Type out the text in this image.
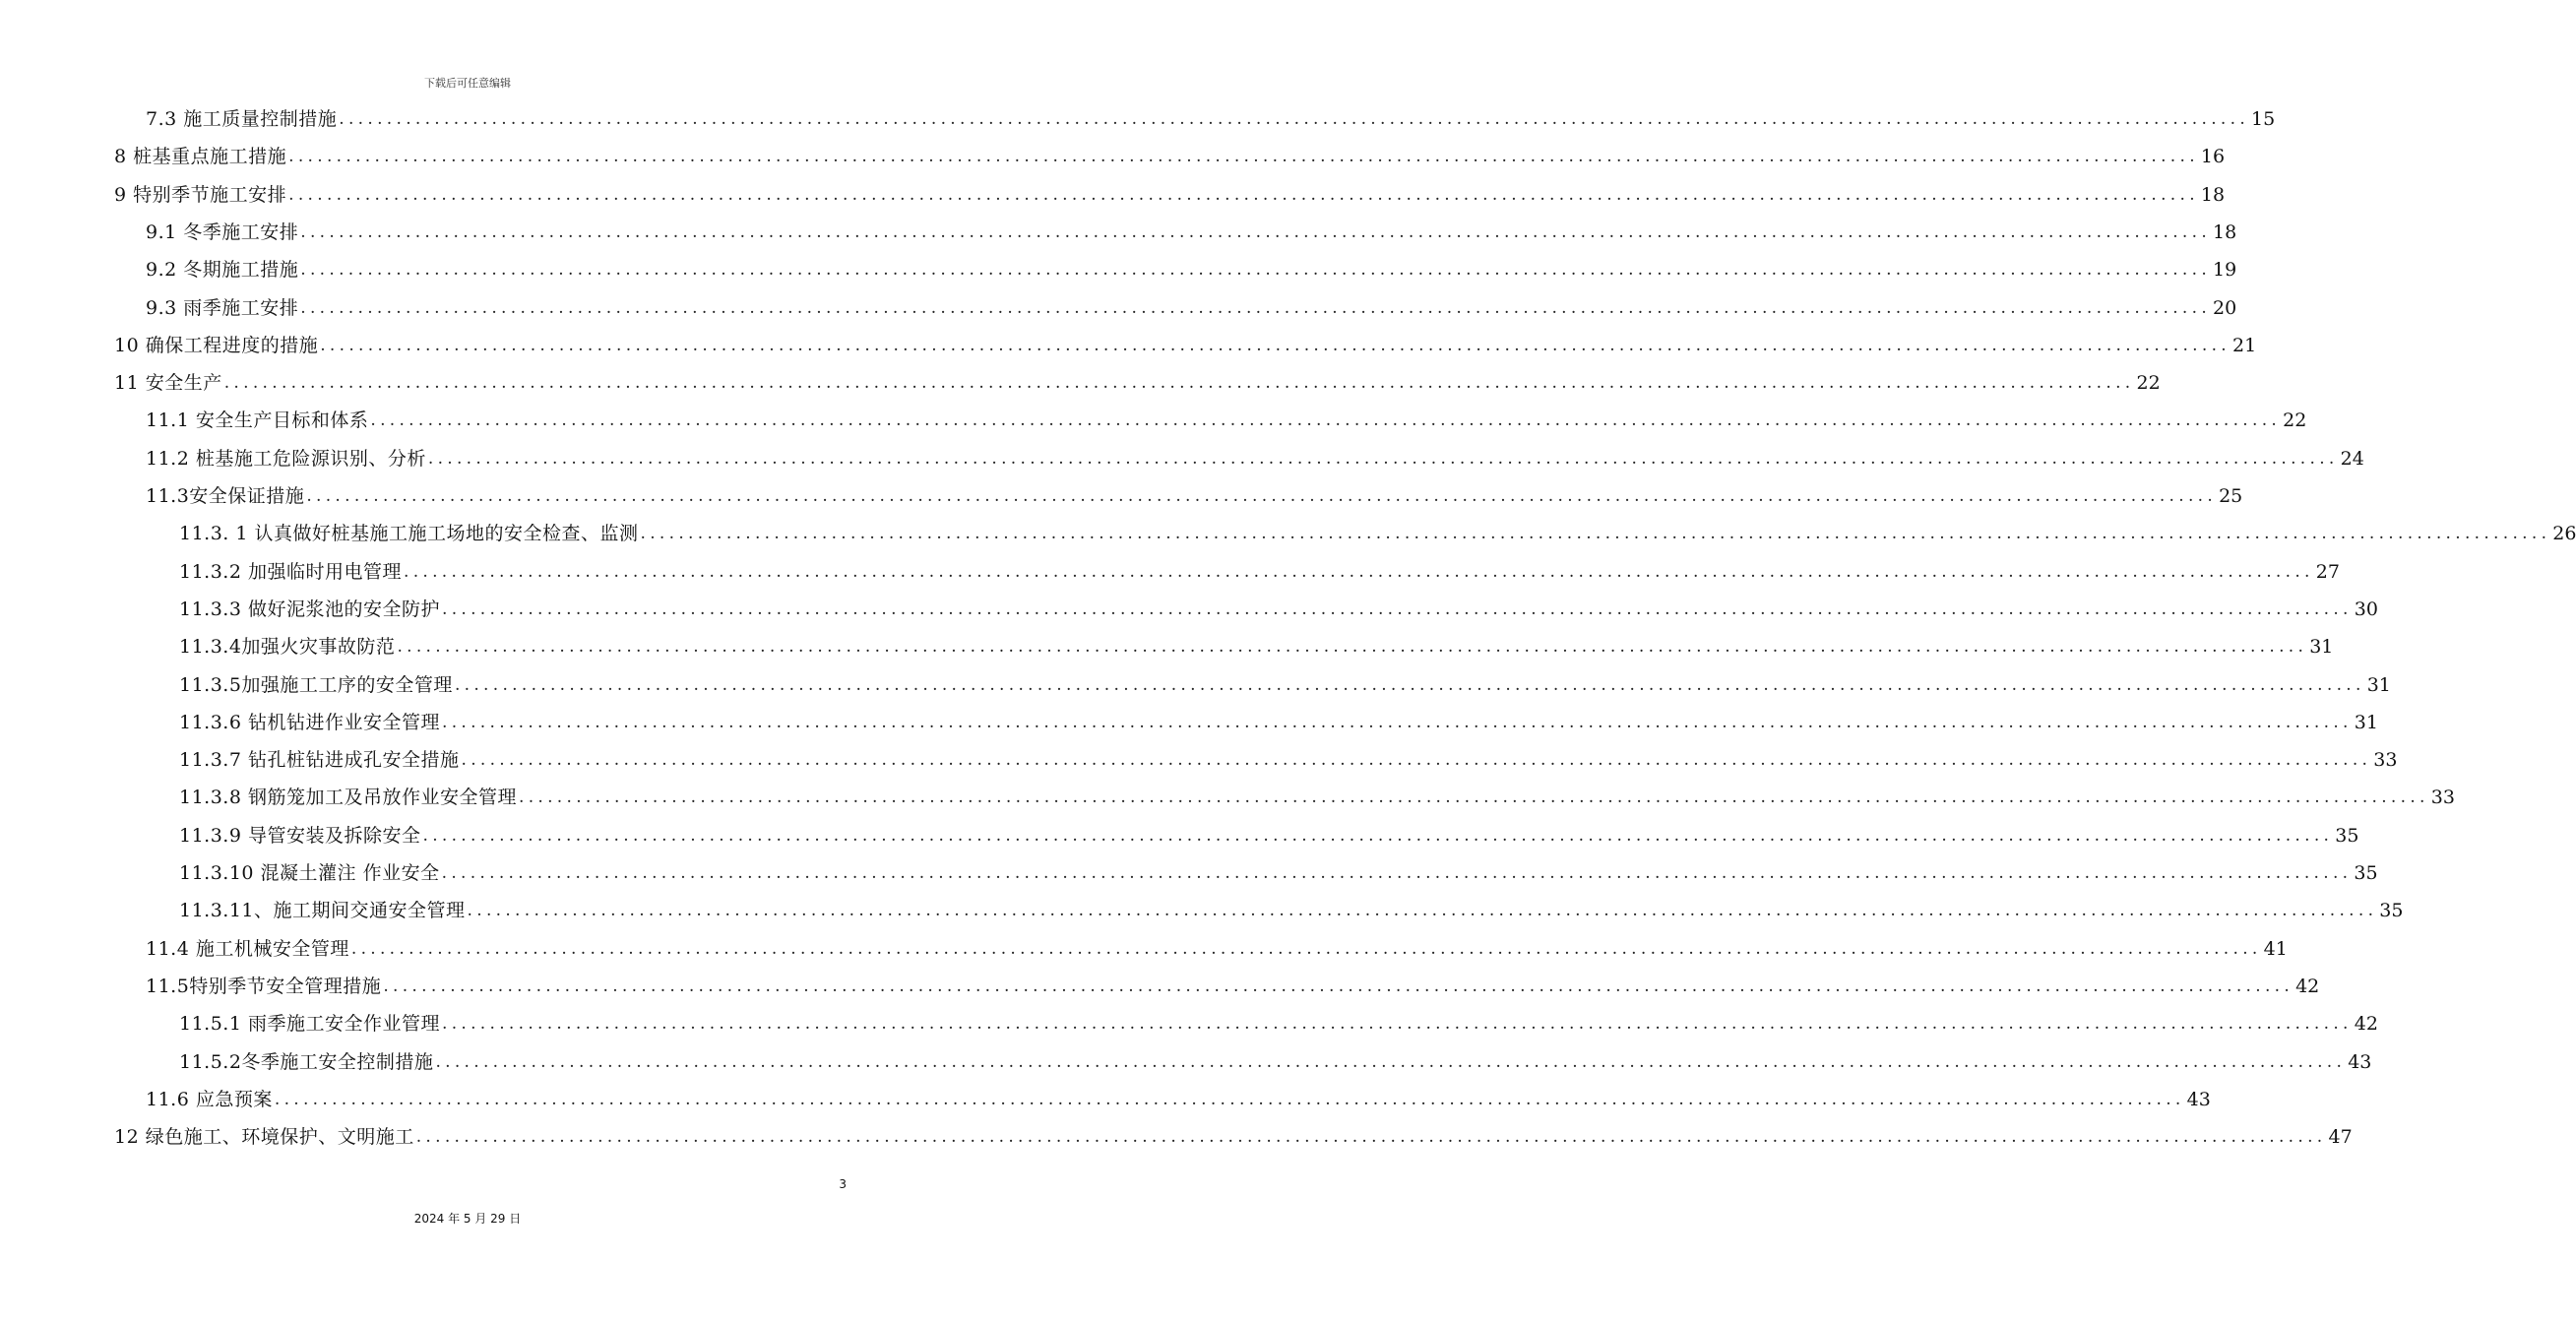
下载后可任意编辑
7.3 施工质量控制措施 ........................................................................................................................................................................................................ 15
8 桩基重点施工措施 ........................................................................................................................................................................................................ 16
9 特别季节施工安排 ........................................................................................................................................................................................................ 18
9.1 冬季施工安排 ........................................................................................................................................................................................................ 18
9.2 冬期施工措施 ........................................................................................................................................................................................................ 19
9.3 雨季施工安排 ........................................................................................................................................................................................................ 20
10 确保工程进度的措施 ........................................................................................................................................................................................................ 21
11 安全生产 ........................................................................................................................................................................................................ 22
11.1 安全生产目标和体系 ........................................................................................................................................................................................................ 22
11.2 桩基施工危险源识别、分析 ........................................................................................................................................................................................................ 24
11.3安全保证措施 ........................................................................................................................................................................................................ 25
11.3. 1 认真做好桩基施工施工场地的安全检查、监测 ........................................................................................................................................................................................................ 26
11.3.2 加强临时用电管理 ........................................................................................................................................................................................................ 27
11.3.3 做好泥浆池的安全防护 ........................................................................................................................................................................................................ 30
11.3.4加强火灾事故防范 ........................................................................................................................................................................................................ 31
11.3.5加强施工工序的安全管理 ........................................................................................................................................................................................................ 31
11.3.6 钻机钻进作业安全管理 ........................................................................................................................................................................................................ 31
11.3.7 钻孔桩钻进成孔安全措施 ........................................................................................................................................................................................................ 33
11.3.8 钢筋笼加工及吊放作业安全管理 ........................................................................................................................................................................................................ 33
11.3.9 导管安装及拆除安全 ........................................................................................................................................................................................................ 35
11.3.10 混凝土灌注 作业安全 ........................................................................................................................................................................................................ 35
11.3.11、施工期间交通安全管理 ........................................................................................................................................................................................................ 35
11.4 施工机械安全管理 ........................................................................................................................................................................................................ 41
11.5特别季节安全管理措施 ........................................................................................................................................................................................................ 42
11.5.1 雨季施工安全作业管理 ........................................................................................................................................................................................................ 42
11.5.2冬季施工安全控制措施 ........................................................................................................................................................................................................ 43
11.6 应急预案 ........................................................................................................................................................................................................ 43
12 绿色施工、环境保护、文明施工 ........................................................................................................................................................................................................ 47
3
2024 年 5 月 29 日
